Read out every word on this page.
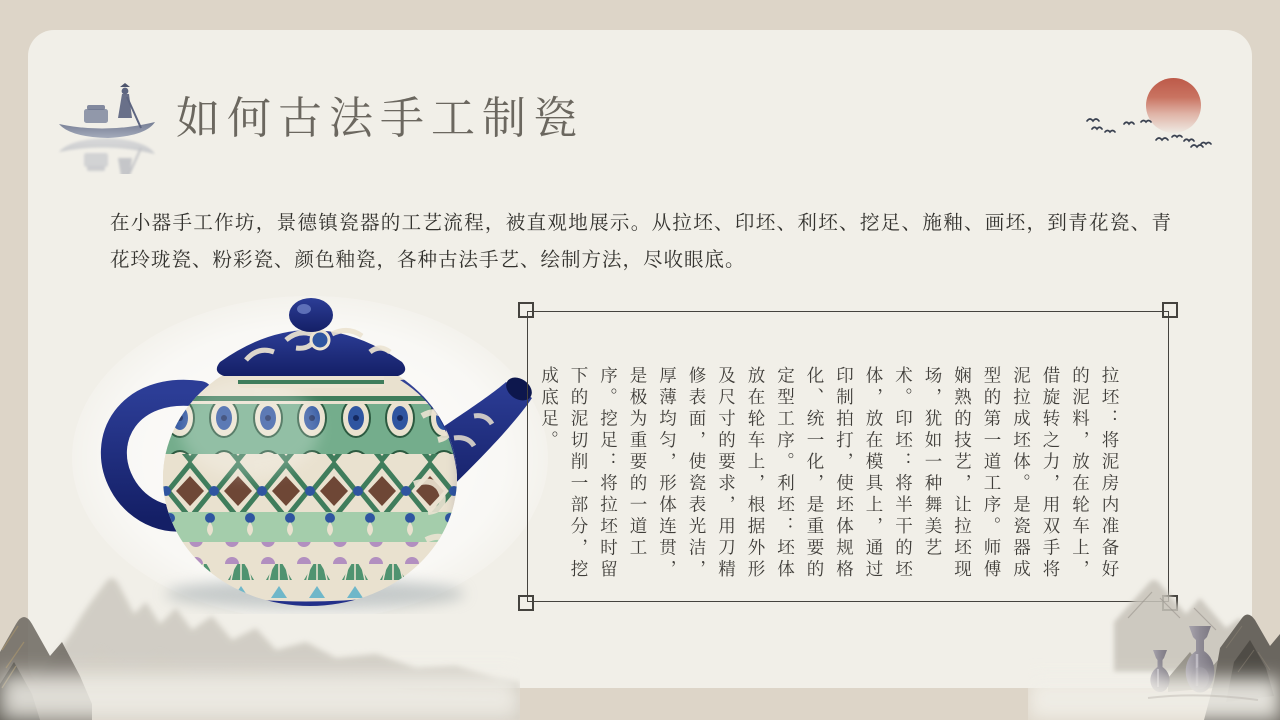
如何古法手工制瓷
在小器手工作坊，景德镇瓷器的工艺流程，被直观地展示。从拉坯、印坯、利坯、挖足、施釉、画坯，到青花瓷、青花玲珑瓷、粉彩瓷、颜色釉瓷，各种古法手艺、绘制方法，尽收眼底。
拉坯：将泥房内准备好的泥料，放在轮车上，借旋转之力，用双手将泥拉成坯体。是瓷器成型的第一道工序。师傅娴熟的技艺，让拉坯现场，犹如一种舞美艺术。印坯：将半干的坯体，放在模具上，通过印制拍打，使坯体规格化、统一化，是重要的定型工序。利坯：坯体放在轮车上，根据外形及尺寸的要求，用刀精修表面，使瓷表光洁，厚薄均匀，形体连贯，是极为重要的一道工序。挖足：将拉坯时留下的泥切削一部分，挖成底足。
